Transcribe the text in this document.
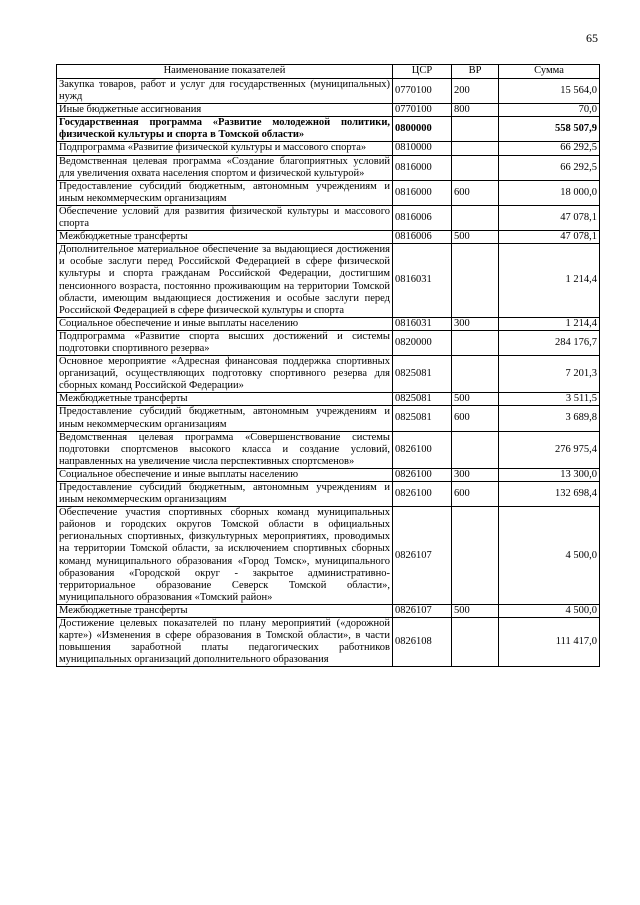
65
Наименование показателей	ЦСР	ВР	Сумма
Закупка товаров, работ и услуг для государственных (муниципальных) нужд	0770100	200	15 564,0
Иные бюджетные ассигнования	0770100	800	70,0
Государственная программа «Развитие молодежной политики, физической культуры и спорта в Томской области»	0800000		558 507,9
Подпрограмма «Развитие физической культуры и массового спорта»	0810000		66 292,5
Ведомственная целевая программа «Создание благоприятных условий для увеличения охвата населения спортом и физической культурой»	0816000		66 292,5
Предоставление субсидий бюджетным, автономным учреждениям и иным некоммерческим организациям	0816000	600	18 000,0
Обеспечение условий для развития физической культуры и массового спорта	0816006		47 078,1
Межбюджетные трансферты	0816006	500	47 078,1
Дополнительное материальное обеспечение за выдающиеся достижения и особые заслуги перед Российской Федерацией в сфере физической культуры и спорта гражданам Российской Федерации, достигшим пенсионного возраста, постоянно проживающим на территории Томской области, имеющим выдающиеся достижения и особые заслуги перед Российской Федерацией в сфере физической культуры и спорта	0816031		1 214,4
Социальное обеспечение и иные выплаты населению	0816031	300	1 214,4
Подпрограмма «Развитие спорта высших достижений и системы подготовки спортивного резерва»	0820000		284 176,7
Основное мероприятие «Адресная финансовая поддержка спортивных организаций, осуществляющих подготовку спортивного резерва для сборных команд Российской Федерации»	0825081		7 201,3
Межбюджетные трансферты	0825081	500	3 511,5
Предоставление субсидий бюджетным, автономным учреждениям и иным некоммерческим организациям	0825081	600	3 689,8
Ведомственная целевая программа «Совершенствование системы подготовки спортсменов высокого класса и создание условий, направленных на увеличение числа перспективных спортсменов»	0826100		276 975,4
Социальное обеспечение и иные выплаты населению	0826100	300	13 300,0
Предоставление субсидий бюджетным, автономным учреждениям и иным некоммерческим организациям	0826100	600	132 698,4
Обеспечение участия спортивных сборных команд муниципальных районов и городских округов Томской области в официальных региональных спортивных, физкультурных мероприятиях, проводимых на территории Томской области, за исключением спортивных сборных команд муниципального образования «Город Томск», муниципального образования «Городской округ - закрытое административно-территориальное образование Северск Томской области», муниципального образования «Томский район»	0826107		4 500,0
Межбюджетные трансферты	0826107	500	4 500,0
Достижение целевых показателей по плану мероприятий («дорожной карте») «Изменения в сфере образования в Томской области», в части повышения заработной платы педагогических работников муниципальных организаций дополнительного образования	0826108		111 417,0
